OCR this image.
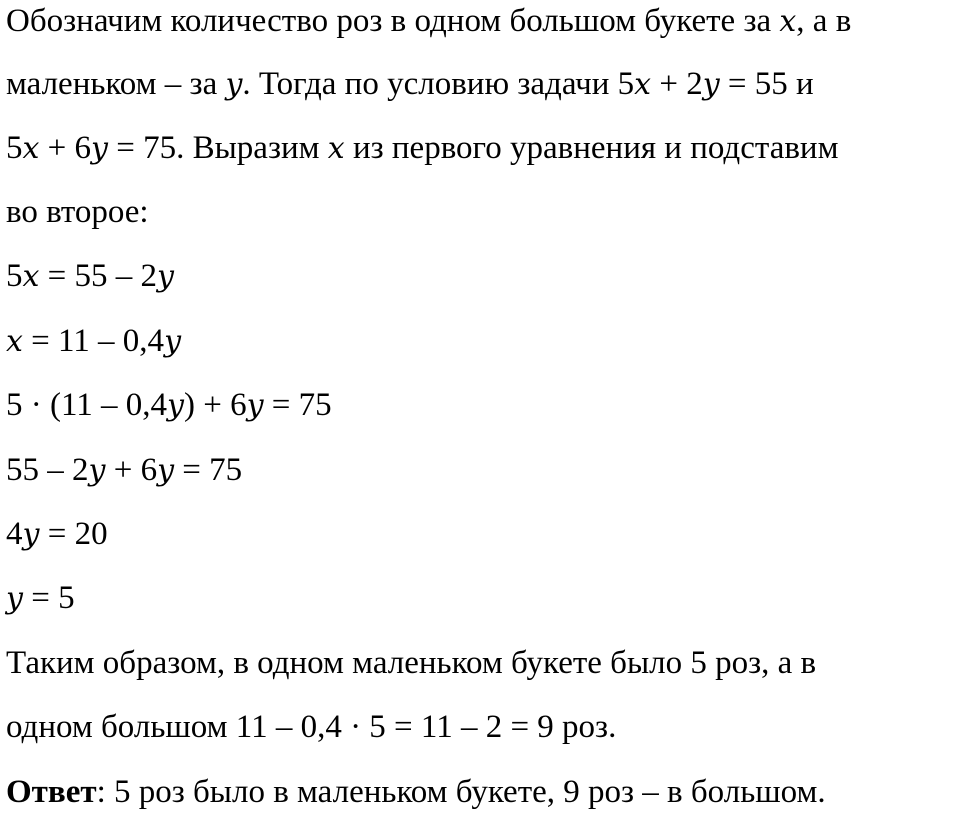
Обозначим количество роз в одном большом букете за x, а в
маленьком – за y. Тогда по условию задачи 5x + 2y = 55 и
5x + 6y = 75. Выразим x из первого уравнения и подставим
во второе:
5x = 55 – 2y
x = 11 – 0,4y
5 · (11 – 0,4y) + 6y = 75
55 – 2y + 6y = 75
4y = 20
y = 5
Таким образом, в одном маленьком букете было 5 роз, а в
одном большом 11 – 0,4 · 5 = 11 – 2 = 9 роз.
Ответ: 5 роз было в маленьком букете, 9 роз – в большом.
